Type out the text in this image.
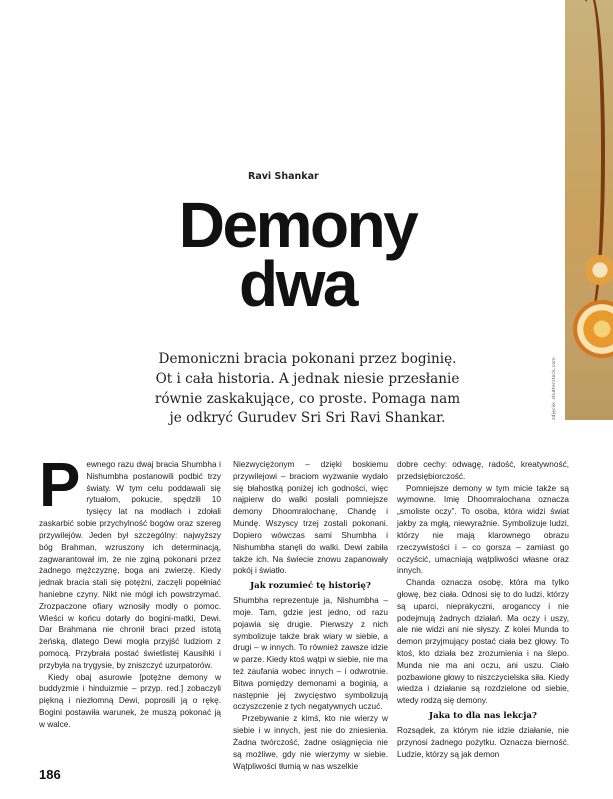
zdjęcie: shutterstock.com
Ravi Shankar
Demony
dwa
Demoniczni bracia pokonani przez boginię.
Ot i cała historia. A jednak niesie przesłanie
równie zaskakujące, co proste. Pomaga nam
je odkryć Gurudev Sri Sri Ravi Shankar.
P ewnego razu dwaj bracia Shumbha i Nishumbha postanowili podbić trzy światy. W tym celu poddawali się rytuałom, pokucie, spędzili 10 tysięcy lat na modłach i zdołali zaskarbić sobie przychylność bogów oraz szereg przywilejów. Jeden był szczególny: najwyższy bóg Brahman, wzruszony ich determinacją, zagwarantował im, że nie zginą pokonani przez żadnego mężczyznę, boga ani zwierzę. Kiedy jednak bracia stali się potężni, zaczęli popełniać haniebne czyny. Nikt nie mógł ich powstrzymać. Zrozpaczone ofiary wznosiły modły o pomoc. Wieści w końcu dotarły do bogini-matki, Dewi. Dar Brahmana nie chronił braci przed istotą żeńską, dlatego Dewi mogła przyjść ludziom z pomocą. Przybrała postać świetlistej Kausihki i przybyła na trygysie, by zniszczyć uzurpatorów.

Kiedy obaj asurowie [potężne demony w buddyzmie i hinduizmie – przyp. red.] zobaczyli piękną i niezłomną Dewi, poprosili ją o rękę. Bogini postawiła warunek, że muszą pokonać ją w walce.

Niezwyciężonym – dzięki boskiemu przywilejowi – braciom wyzwanie wydało się błahostką poniżej ich godności, więc najpierw do walki posłali pomniejsze demony Dhoomralochanę, Chandę i Mundę. Wszyscy trzej zostali pokonani. Dopiero wówczas sami Shumbha i Nishumbha stanęli do walki. Dewi zabiła także ich. Na świecie znowu zapanowały pokój i światło.

Jak rozumieć tę historię?

Shumbha reprezentuje ja, Nishumbha – moje. Tam, gdzie jest jedno, od razu pojawia się drugie. Pierwszy z nich symbolizuje także brak wiary w siebie, a drugi – w innych. To również zawsze idzie w parze. Kiedy ktoś wątpi w siebie, nie ma też zaufania wobec innych – i odwrotnie. Bitwa pomiędzy demonami a boginią, a następnie jej zwycięstwo symbolizują oczyszczenie z tych negatywnych uczuć.

Przebywanie z kimś, kto nie wierzy w siebie i w innych, jest nie do zniesienia. Żadna twórczość, żadne osiągnięcia nie są możliwe, gdy nie wierzymy w siebie. Wątpliwości tłumią w nas wszelkie

dobre cechy: odwagę, radość, kreatywność, przedsiębiorczość.

Pomniejsze demony w tym micie także są wymowne. Imię Dhoomralochana oznacza „smoliste oczy”. To osoba, która widzi świat jakby za mgłą, niewyraźnie. Symbolizuje ludzi, którzy nie mają klarownego obrazu rzeczywistości i – co gorsza – zamiast go oczyścić, umacniają wątpliwości własne oraz innych.

Chanda oznacza osobę, która ma tylko głowę, bez ciała. Odnosi się to do ludzi, którzy są uparci, nieprakyczni, aroganccy i nie podejmują żadnych działań. Ma oczy i uszy, ale nie widzi ani nie słyszy. Z kolei Munda to demon przyjmujący postać ciała bez głowy. To ktoś, kto działa bez zrozumienia i na ślepo. Munda nie ma ani oczu, ani uszu. Ciało pozbawione głowy to niszczycielska siła. Kiedy wiedza i działanie są rozdzielone od siebie, wtedy rodzą się demony.

Jaka to dla nas lekcja?

Rozsądek, za którym nie idzie działanie, nie przynosi żadnego pożytku. Oznacza bierność. Ludzie, którzy są jak demon

186
